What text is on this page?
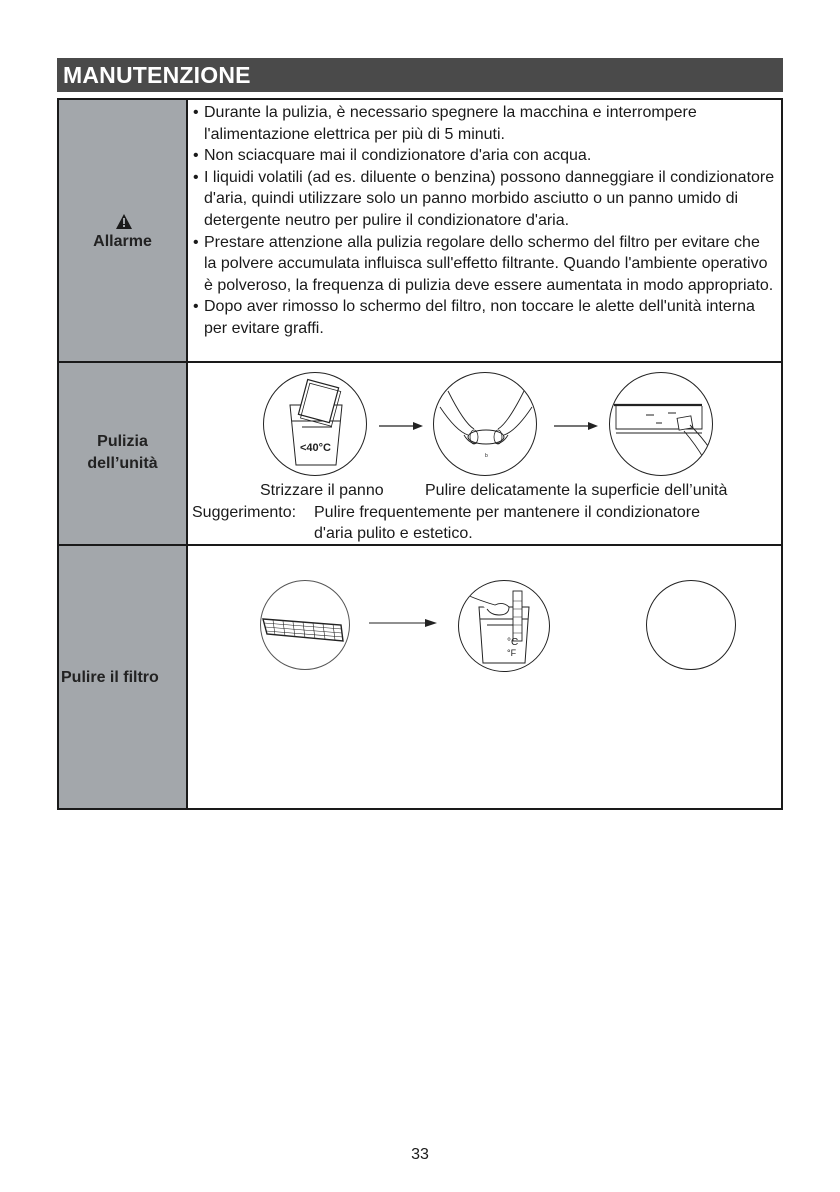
MANUTENZIONE
Allarme
• Durante la pulizia, è necessario spegnere la macchina e interrompere l'alimentazione elettrica per più di 5 minuti.
• Non sciacquare mai il condizionatore d'aria con acqua.
• I liquidi volatili (ad es. diluente o benzina) possono danneggiare il condizionatore d'aria, quindi utilizzare solo un panno morbido asciutto o un panno umido di detergente neutro per pulire il condizionatore d'aria.
• Prestare attenzione alla pulizia regolare dello schermo del filtro per evitare che la polvere accumulata influisca sull'effetto filtrante. Quando l'ambiente operativo è polveroso, la frequenza di pulizia deve essere aumentata in modo appropriato.
• Dopo aver rimosso lo schermo del filtro, non toccare le alette dell'unità interna per evitare graffi.
Pulizia
dell’unità
<40°C
b
Strizzare il panno	Pulire delicatamente la superficie dell’unità
Suggerimento: Pulire frequentemente per mantenere il condizionatore
d'aria pulito e estetico.
Pulire il filtro
°C
°F
33
